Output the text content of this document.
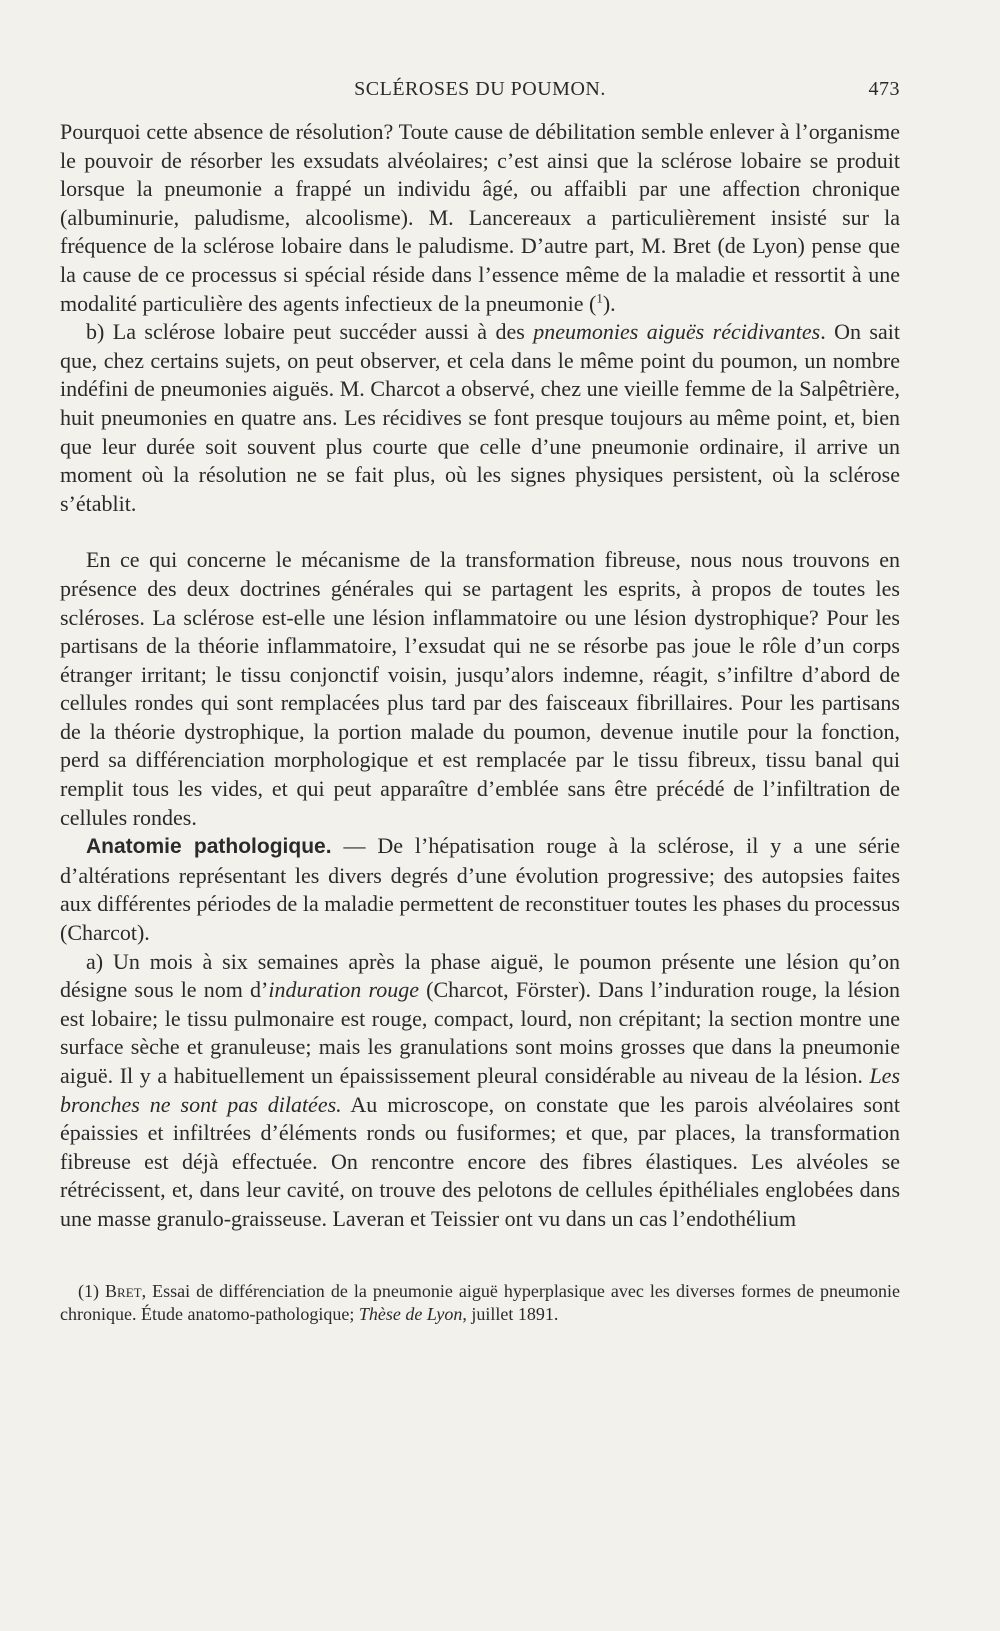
SCLÉROSES DU POUMON.	473

Pourquoi cette absence de résolution? Toute cause de débilitation semble enlever à l’organisme le pouvoir de résorber les exsudats alvéolaires; c’est ainsi que la sclérose lobaire se produit lorsque la pneumonie a frappé un individu âgé, ou affaibli par une affection chronique (albuminurie, paludisme, alcoolisme). M. Lancereaux a particulièrement insisté sur la fréquence de la sclérose lobaire dans le paludisme. D’autre part, M. Bret (de Lyon) pense que la cause de ce processus si spécial réside dans l’essence même de la maladie et ressortit à une modalité particulière des agents infectieux de la pneumonie ($^1$).

b) La sclérose lobaire peut succéder aussi à des pneumonies aiguës récidivantes. On sait que, chez certains sujets, on peut observer, et cela dans le même point du poumon, un nombre indéfini de pneumonies aiguës. M. Charcot a observé, chez une vieille femme de la Salpêtrière, huit pneumonies en quatre ans. Les récidives se font presque toujours au même point, et, bien que leur durée soit souvent plus courte que celle d’une pneumonie ordinaire, il arrive un moment où la résolution ne se fait plus, où les signes physiques persistent, où la sclérose s’établit.

En ce qui concerne le mécanisme de la transformation fibreuse, nous nous trouvons en présence des deux doctrines générales qui se partagent les esprits, à propos de toutes les scléroses. La sclérose est-elle une lésion inflammatoire ou une lésion dystrophique? Pour les partisans de la théorie inflammatoire, l’exsudat qui ne se résorbe pas joue le rôle d’un corps étranger irritant; le tissu conjonctif voisin, jusqu’alors indemne, réagit, s’infiltre d’abord de cellules rondes qui sont remplacées plus tard par des faisceaux fibrillaires. Pour les partisans de la théorie dystrophique, la portion malade du poumon, devenue inutile pour la fonction, perd sa différenciation morphologique et est remplacée par le tissu fibreux, tissu banal qui remplit tous les vides, et qui peut apparaître d’emblée sans être précédé de l’infiltration de cellules rondes.

Anatomie pathologique. — De l’hépatisation rouge à la sclérose, il y a une série d’altérations représentant les divers degrés d’une évolution progressive; des autopsies faites aux différentes périodes de la maladie permettent de reconstituer toutes les phases du processus (Charcot).

a) Un mois à six semaines après la phase aiguë, le poumon présente une lésion qu’on désigne sous le nom d’induration rouge (Charcot, Förster). Dans l’induration rouge, la lésion est lobaire; le tissu pulmonaire est rouge, compact, lourd, non crépitant; la section montre une surface sèche et granuleuse; mais les granulations sont moins grosses que dans la pneumonie aiguë. Il y a habituellement un épaississement pleural considérable au niveau de la lésion. Les bronches ne sont pas dilatées. Au microscope, on constate que les parois alvéolaires sont épaissies et infiltrées d’éléments ronds ou fusiformes; et que, par places, la transformation fibreuse est déjà effectuée. On rencontre encore des fibres élastiques. Les alvéoles se rétrécissent, et, dans leur cavité, on trouve des pelotons de cellules épithéliales englobées dans une masse granulo-graisseuse. Laveran et Teissier ont vu dans un cas l’endothélium

(1) Bret, Essai de différenciation de la pneumonie aiguë hyperplasique avec les diverses formes de pneumonie chronique. Étude anatomo-pathologique; Thèse de Lyon, juillet 1891.
